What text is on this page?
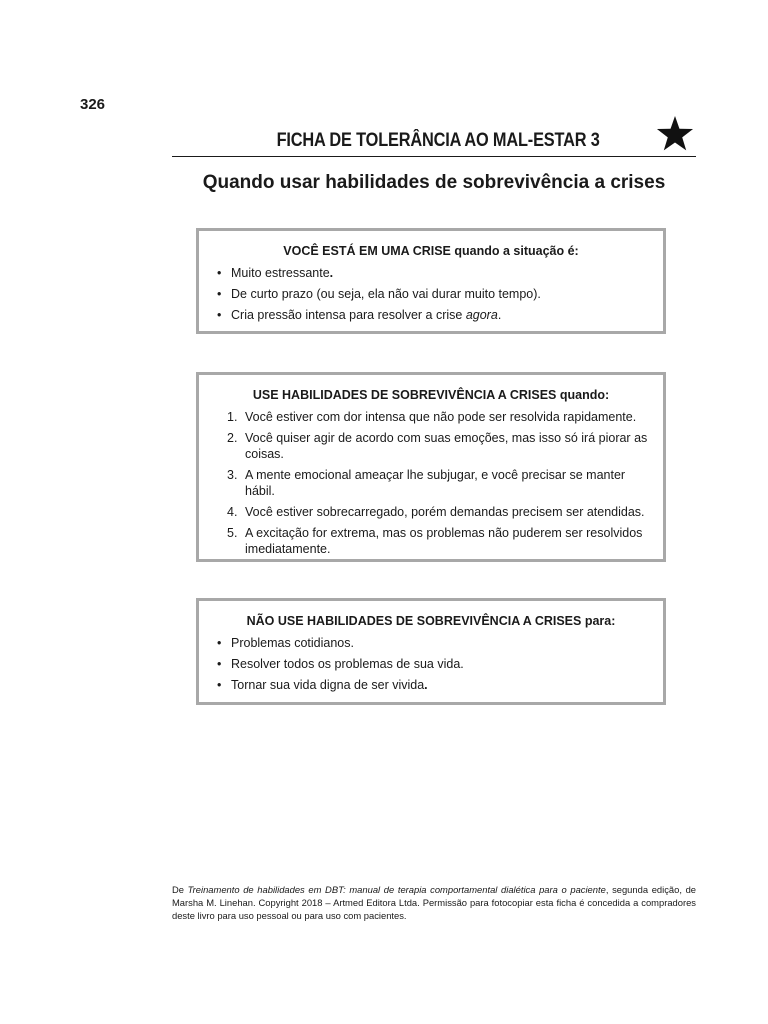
326
FICHA DE TOLERÂNCIA AO MAL-ESTAR 3
Quando usar habilidades de sobrevivência a crises
VOCÊ ESTÁ EM UMA CRISE quando a situação é:
• Muito estressante.
• De curto prazo (ou seja, ela não vai durar muito tempo).
• Cria pressão intensa para resolver a crise agora.
USE HABILIDADES DE SOBREVIVÊNCIA A CRISES quando:
1. Você estiver com dor intensa que não pode ser resolvida rapidamente.
2. Você quiser agir de acordo com suas emoções, mas isso só irá piorar as coisas.
3. A mente emocional ameaçar lhe subjugar, e você precisar se manter hábil.
4. Você estiver sobrecarregado, porém demandas precisem ser atendidas.
5. A excitação for extrema, mas os problemas não puderem ser resolvidos imediatamente.
NÃO USE HABILIDADES DE SOBREVIVÊNCIA A CRISES para:
• Problemas cotidianos.
• Resolver todos os problemas de sua vida.
• Tornar sua vida digna de ser vivida.
De Treinamento de habilidades em DBT: manual de terapia comportamental dialética para o paciente, segunda edição, de Marsha M. Linehan. Copyright 2018 – Artmed Editora Ltda. Permissão para fotocopiar esta ficha é concedida a compradores deste livro para uso pessoal ou para uso com pacientes.
